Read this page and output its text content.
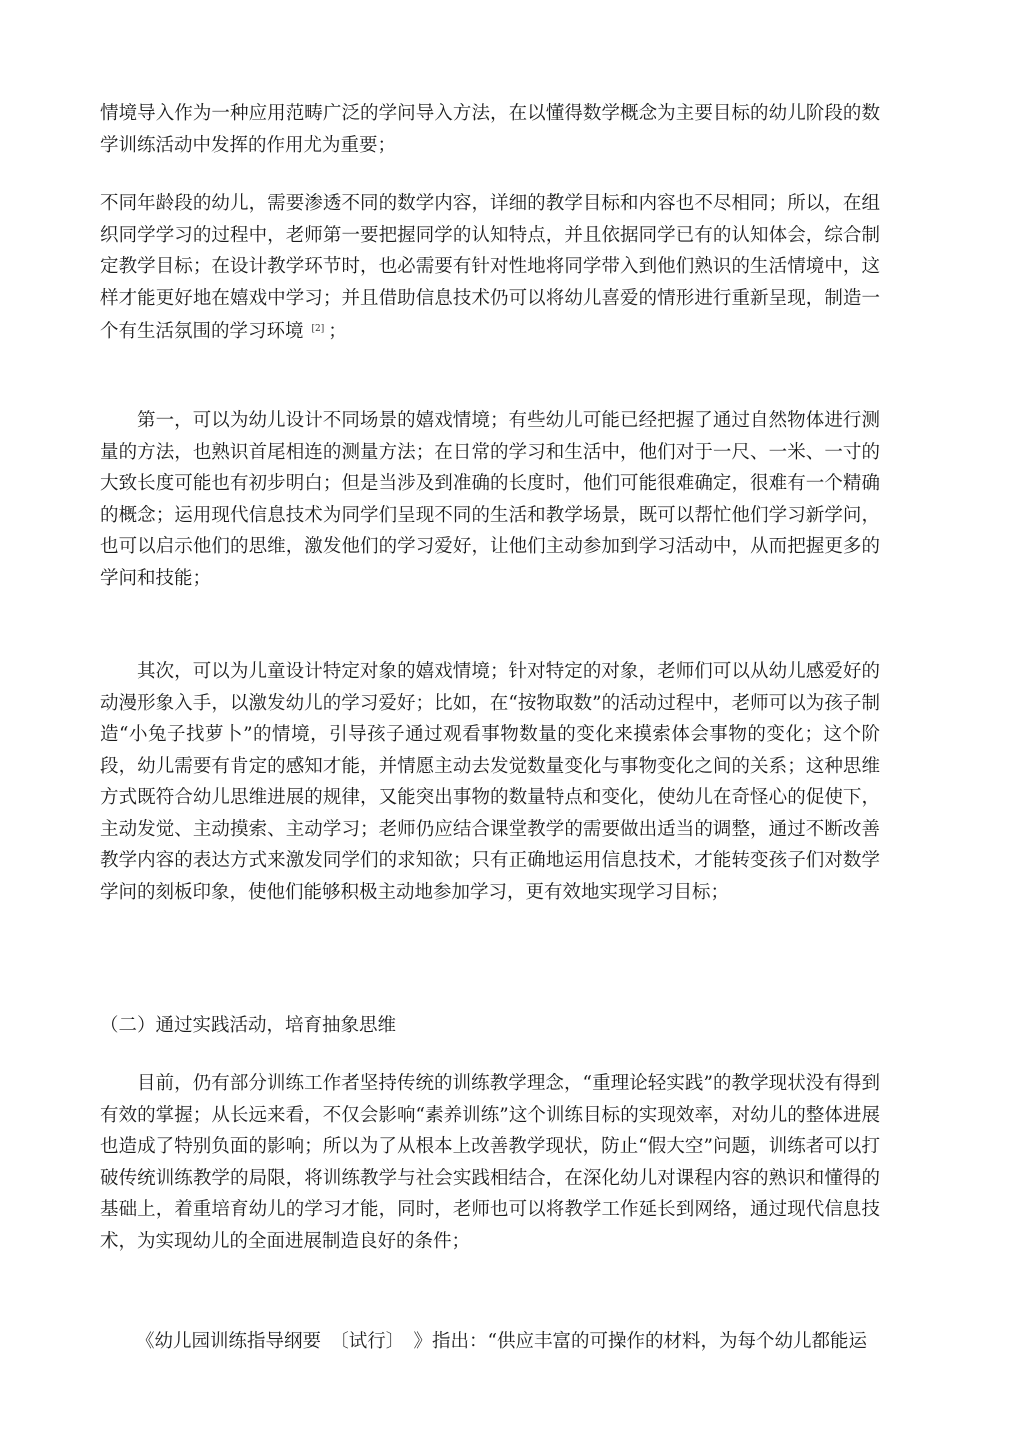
情境导入作为一种应用范畴广泛的学问导入方法，在以懂得数学概念为主要目标的幼儿阶段的数学训练活动中发挥的作用尤为重要；

不同年龄段的幼儿，需要渗透不同的数学内容，详细的教学目标和内容也不尽相同；所以，在组织同学学习的过程中，老师第一要把握同学的认知特点，并且依据同学已有的认知体会，综合制定教学目标；在设计教学环节时，也必需要有针对性地将同学带入到他们熟识的生活情境中，这样才能更好地在嬉戏中学习；并且借助信息技术仍可以将幼儿喜爱的情形进行重新呈现，制造一个有生活氛围的学习环境 [2] ；

第一，可以为幼儿设计不同场景的嬉戏情境；有些幼儿可能已经把握了通过自然物体进行测量的方法，也熟识首尾相连的测量方法；在日常的学习和生活中，他们对于一尺、一米、一寸的大致长度可能也有初步明白；但是当涉及到准确的长度时，他们可能很难确定，很难有一个精确的概念；运用现代信息技术为同学们呈现不同的生活和教学场景，既可以帮忙他们学习新学问，也可以启示他们的思维，激发他们的学习爱好，让他们主动参加到学习活动中，从而把握更多的学问和技能；

其次，可以为儿童设计特定对象的嬉戏情境；针对特定的对象，老师们可以从幼儿感爱好的动漫形象入手，以激发幼儿的学习爱好；比如，在“按物取数”的活动过程中，老师可以为孩子制造“小兔子找萝卜”的情境，引导孩子通过观看事物数量的变化来摸索体会事物的变化；这个阶段，幼儿需要有肯定的感知才能，并情愿主动去发觉数量变化与事物变化之间的关系；这种思维方式既符合幼儿思维进展的规律，又能突出事物的数量特点和变化，使幼儿在奇怪心的促使下，主动发觉、主动摸索、主动学习；老师仍应结合课堂教学的需要做出适当的调整，通过不断改善教学内容的表达方式来激发同学们的求知欲；只有正确地运用信息技术，才能转变孩子们对数学学问的刻板印象，使他们能够积极主动地参加学习，更有效地实现学习目标；

（二）通过实践活动，培育抽象思维

目前，仍有部分训练工作者坚持传统的训练教学理念，“重理论轻实践”的教学现状没有得到有效的掌握；从长远来看，不仅会影响“素养训练”这个训练目标的实现效率，对幼儿的整体进展也造成了特别负面的影响；所以为了从根本上改善教学现状，防止“假大空”问题，训练者可以打破传统训练教学的局限，将训练教学与社会实践相结合，在深化幼儿对课程内容的熟识和懂得的基础上，着重培育幼儿的学习才能，同时，老师也可以将教学工作延长到网络，通过现代信息技术，为实现幼儿的全面进展制造良好的条件；

《幼儿园训练指导纲要　〔试行〕　》指出：“供应丰富的可操作的材料，为每个幼儿都能运
